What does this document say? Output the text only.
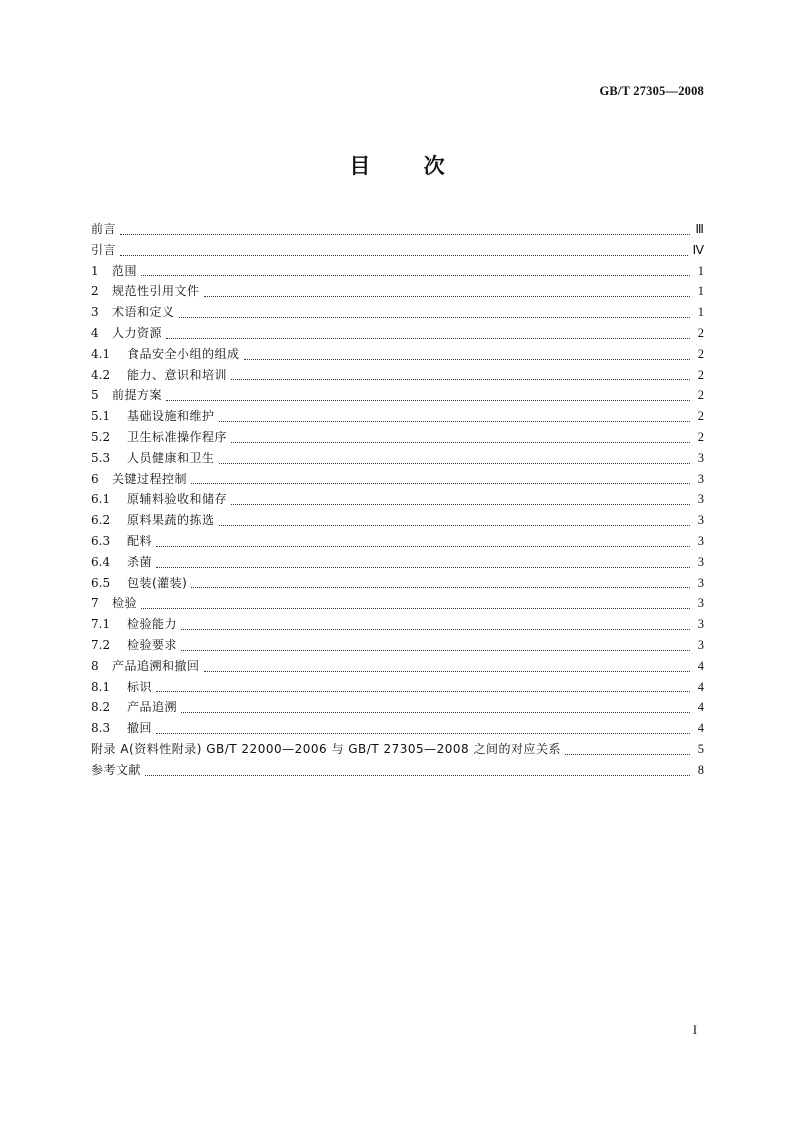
GB/T 27305—2008
目	次
前言	Ⅲ
引言	Ⅳ
1	范围	1
2	规范性引用文件	1
3	术语和定义	1
4	人力资源	2
4.1	食品安全小组的组成	2
4.2	能力、意识和培训	2
5	前提方案	2
5.1	基础设施和维护	2
5.2	卫生标准操作程序	2
5.3	人员健康和卫生	3
6	关键过程控制	3
6.1	原辅料验收和储存	3
6.2	原料果蔬的拣选	3
6.3	配料	3
6.4	杀菌	3
6.5	包装(灌装)	3
7	检验	3
7.1	检验能力	3
7.2	检验要求	3
8	产品追溯和撤回	4
8.1	标识	4
8.2	产品追溯	4
8.3	撤回	4
附录 A(资料性附录) GB/T 22000—2006 与 GB/T 27305—2008 之间的对应关系	5
参考文献	8
I
